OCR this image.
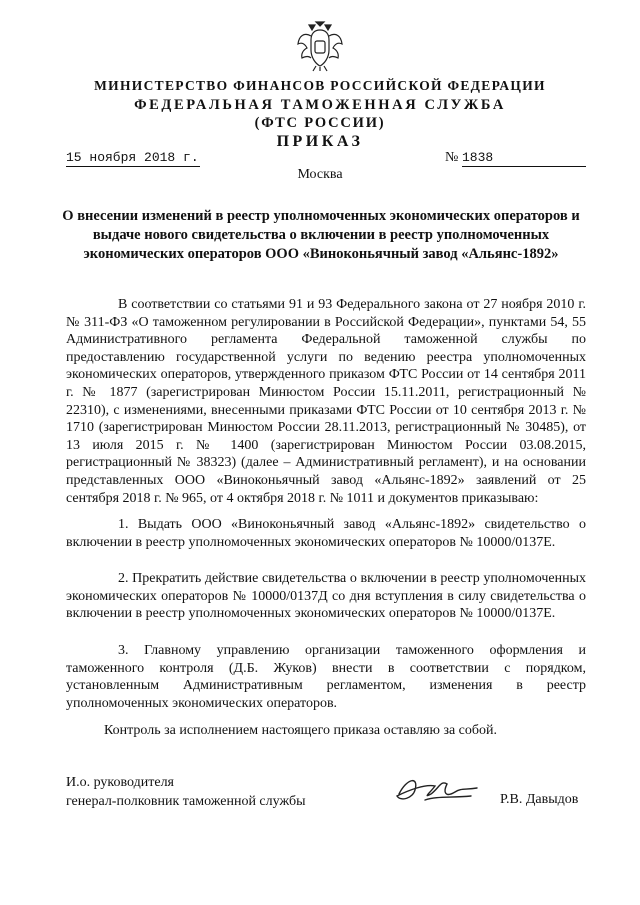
МИНИСТЕРСТВО ФИНАНСОВ РОССИЙСКОЙ ФЕДЕРАЦИИ
ФЕДЕРАЛЬНАЯ ТАМОЖЕННАЯ СЛУЖБА
(ФТС РОССИИ)
ПРИКАЗ
15 ноября 2018 г.	№ 1838
Москва
О внесении изменений в реестр уполномоченных экономических операторов и выдаче нового свидетельства о включении в реестр уполномоченных экономических операторов ООО «Виноконьячный завод «Альянс-1892»
В соответствии со статьями 91 и 93 Федерального закона от 27 ноября 2010 г. № 311-ФЗ «О таможенном регулировании в Российской Федерации», пунктами 54, 55 Административного регламента Федеральной таможенной службы по предоставлению государственной услуги по ведению реестра уполномоченных экономических операторов, утвержденного приказом ФТС России от 14 сентября 2011 г. № 1877 (зарегистрирован Минюстом России 15.11.2011, регистрационный № 22310), с изменениями, внесенными приказами ФТС России от 10 сентября 2013 г. № 1710 (зарегистрирован Минюстом России 28.11.2013, регистрационный № 30485), от 13 июля 2015 г. № 1400 (зарегистрирован Минюстом России 03.08.2015, регистрационный № 38323) (далее – Административный регламент), и на основании представленных ООО «Виноконьячный завод «Альянс-1892» заявлений от 25 сентября 2018 г. № 965, от 4 октября 2018 г. № 1011 и документов приказываю:
1. Выдать ООО «Виноконьячный завод «Альянс-1892» свидетельство о включении в реестр уполномоченных экономических операторов № 10000/0137Е.
2. Прекратить действие свидетельства о включении в реестр уполномоченных экономических операторов № 10000/0137Д со дня вступления в силу свидетельства о включении в реестр уполномоченных экономических операторов № 10000/0137Е.
3. Главному управлению организации таможенного оформления и таможенного контроля (Д.Б. Жуков) внести в соответствии с порядком, установленным Административным регламентом, изменения в реестр уполномоченных экономических операторов.
Контроль за исполнением настоящего приказа оставляю за собой.
И.о. руководителя
генерал-полковник таможенной службы	Р.В. Давыдов
